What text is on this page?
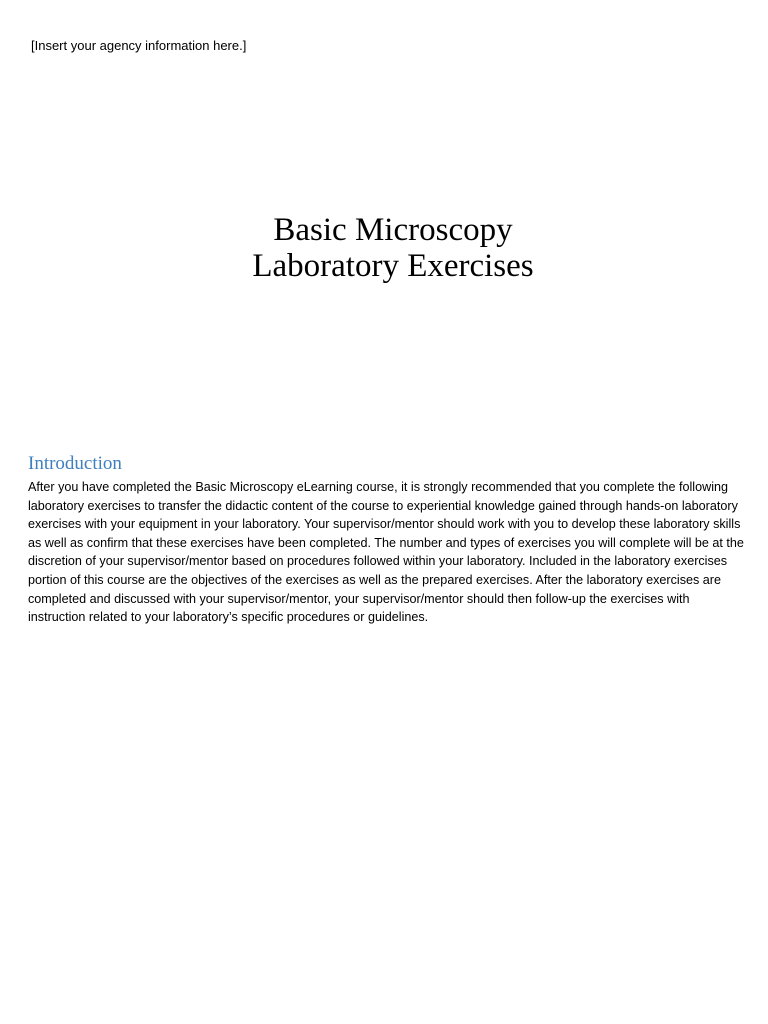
[Insert your agency information here.]
Basic Microscopy
Laboratory Exercises
Introduction

After you have completed the Basic Microscopy eLearning course, it is strongly recommended that you complete the following laboratory exercises to transfer the didactic content of the course to experiential knowledge gained through hands-on laboratory exercises with your equipment in your laboratory. Your supervisor/mentor should work with you to develop these laboratory skills as well as confirm that these exercises have been completed. The number and types of exercises you will complete will be at the discretion of your supervisor/mentor based on procedures followed within your laboratory. Included in the laboratory exercises portion of this course are the objectives of the exercises as well as the prepared exercises. After the laboratory exercises are completed and discussed with your supervisor/mentor, your supervisor/mentor should then follow-up the exercises with instruction related to your laboratory’s specific procedures or guidelines.
